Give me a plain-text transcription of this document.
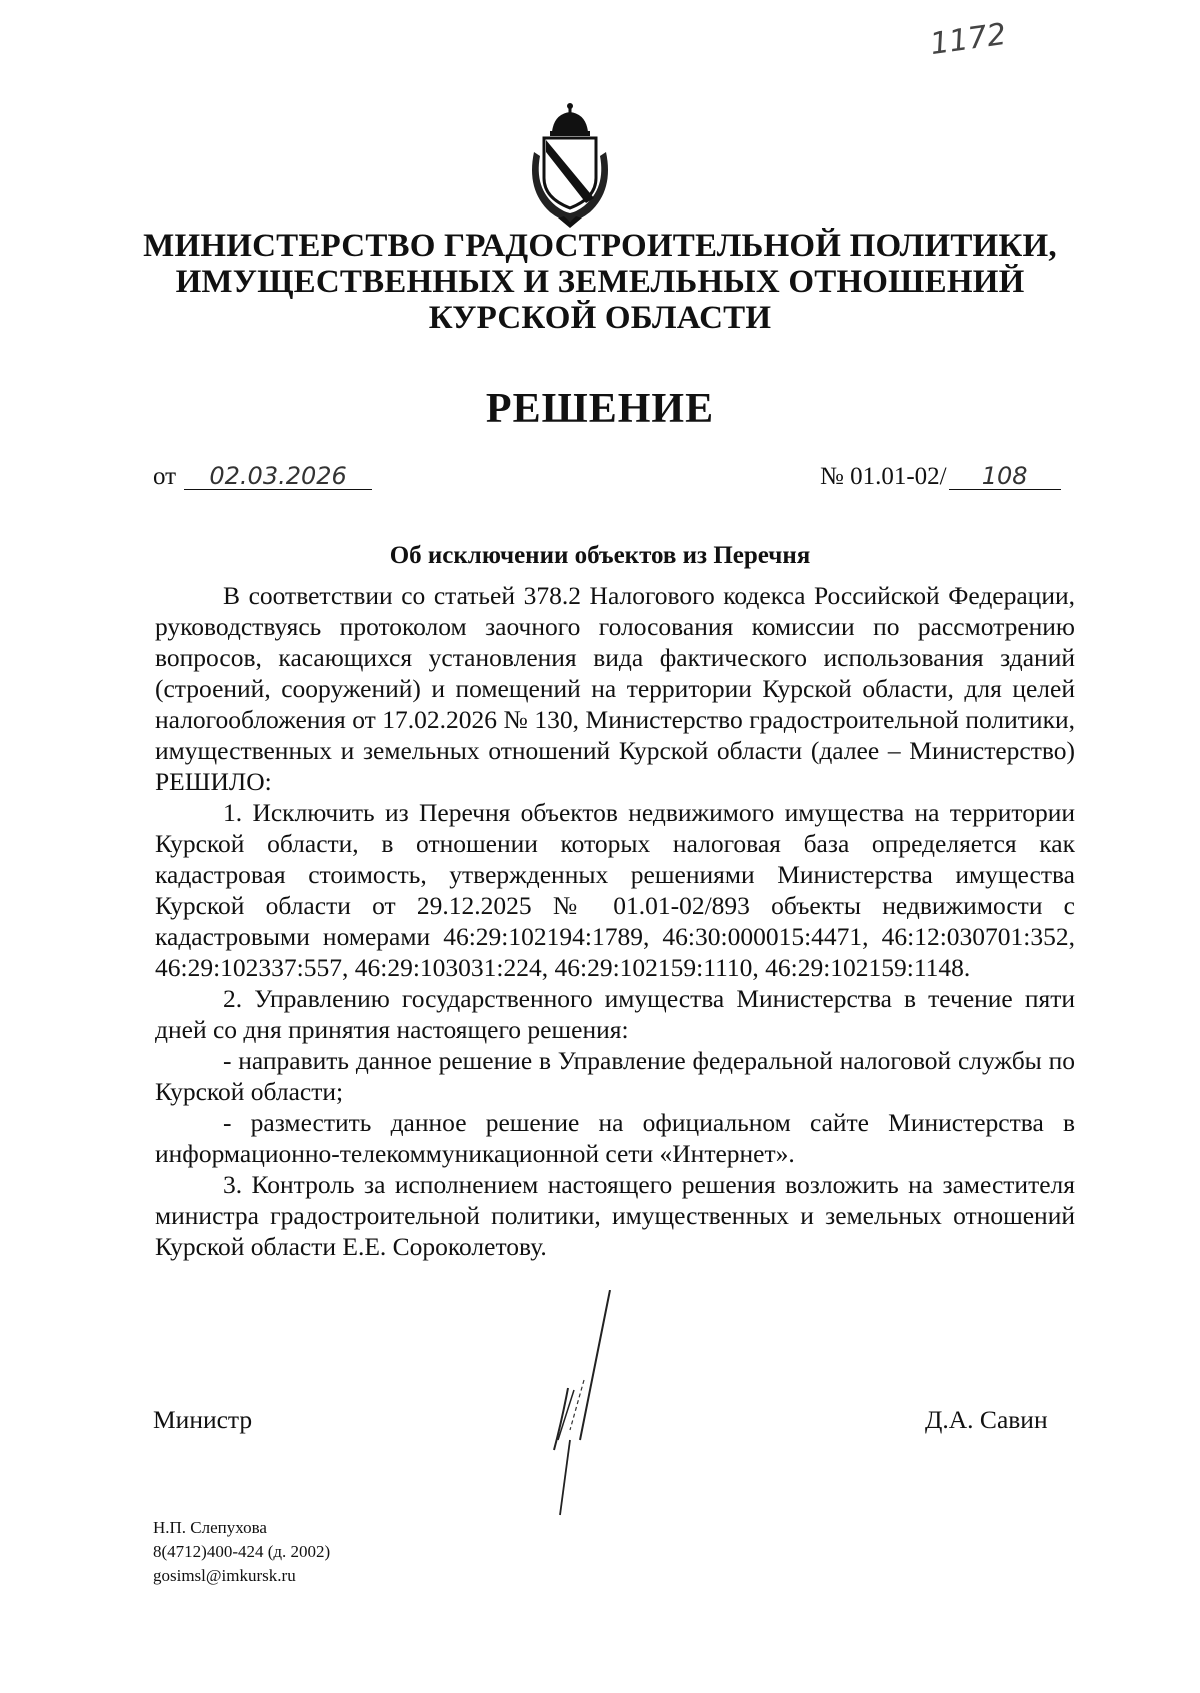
1172
МИНИСТЕРСТВО ГРАДОСТРОИТЕЛЬНОЙ ПОЛИТИКИ,
ИМУЩЕСТВЕННЫХ И ЗЕМЕЛЬНЫХ ОТНОШЕНИЙ
КУРСКОЙ ОБЛАСТИ
РЕШЕНИЕ
от 02.03.2026	№ 01.01-02/ 108
Об исключении объектов из Перечня

В соответствии со статьей 378.2 Налогового кодекса Российской Федерации, руководствуясь протоколом заочного голосования комиссии по рассмотрению вопросов, касающихся установления вида фактического использования зданий (строений, сооружений) и помещений на территории Курской области, для целей налогообложения от 17.02.2026 № 130, Министерство градостроительной политики, имущественных и земельных отношений Курской области (далее – Министерство) РЕШИЛО:

1. Исключить из Перечня объектов недвижимого имущества на территории Курской области, в отношении которых налоговая база определяется как кадастровая стоимость, утвержденных решениями Министерства имущества Курской области от 29.12.2025 № 01.01-02/893 объекты недвижимости с кадастровыми номерами 46:29:102194:1789, 46:30:000015:4471, 46:12:030701:352, 46:29:102337:557, 46:29:103031:224, 46:29:102159:1110, 46:29:102159:1148.

2. Управлению государственного имущества Министерства в течение пяти дней со дня принятия настоящего решения:

- направить данное решение в Управление федеральной налоговой службы по Курской области;

- разместить данное решение на официальном сайте Министерства в информационно-телекоммуникационной сети «Интернет».

3. Контроль за исполнением настоящего решения возложить на заместителя министра градостроительной политики, имущественных и земельных отношений Курской области Е.Е. Сороколетову.

Министр	Д.А. Савин
Н.П. Слепухова
8(4712)400-424 (д. 2002)
gosimsl@imkursk.ru
